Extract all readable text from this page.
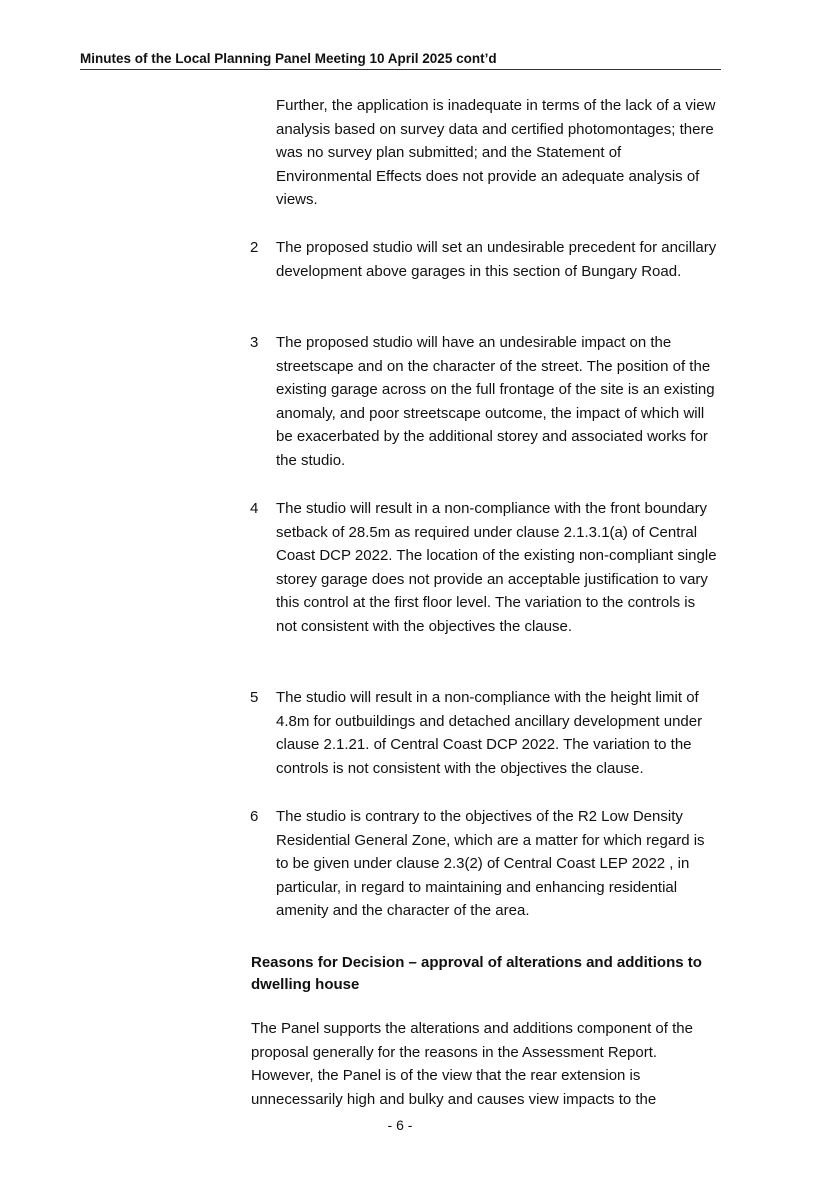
Minutes of the Local Planning Panel Meeting 10 April 2025 cont’d
Further, the application is inadequate in terms of the lack of a view analysis based on survey data and certified photomontages; there was no survey plan submitted; and the Statement of Environmental Effects does not provide an adequate analysis of views.
2	The proposed studio will set an undesirable precedent for ancillary development above garages in this section of Bungary Road.
3	The proposed studio will have an undesirable impact on the streetscape and on the character of the street. The position of the existing garage across on the full frontage of the site is an existing anomaly, and poor streetscape outcome, the impact of which will be exacerbated by the additional storey and associated works for the studio.
4	The studio will result in a non-compliance with the front boundary setback of 28.5m as required under clause 2.1.3.1(a) of Central Coast DCP 2022. The location of the existing non-compliant single storey garage does not provide an acceptable justification to vary this control at the first floor level. The variation to the controls is not consistent with the objectives the clause.
5	The studio will result in a non-compliance with the height limit of 4.8m for outbuildings and detached ancillary development under clause 2.1.21. of Central Coast DCP 2022. The variation to the controls is not consistent with the objectives the clause.
6	The studio is contrary to the objectives of the R2 Low Density Residential General Zone, which are a matter for which regard is to be given under clause 2.3(2) of Central Coast LEP 2022 , in particular, in regard to maintaining and enhancing residential amenity and the character of the area.
Reasons for Decision – approval of alterations and additions to dwelling house
The Panel supports the alterations and additions component of the proposal generally for the reasons in the Assessment Report. However, the Panel is of the view that the rear extension is unnecessarily high and bulky and causes view impacts to the
- 6 -
